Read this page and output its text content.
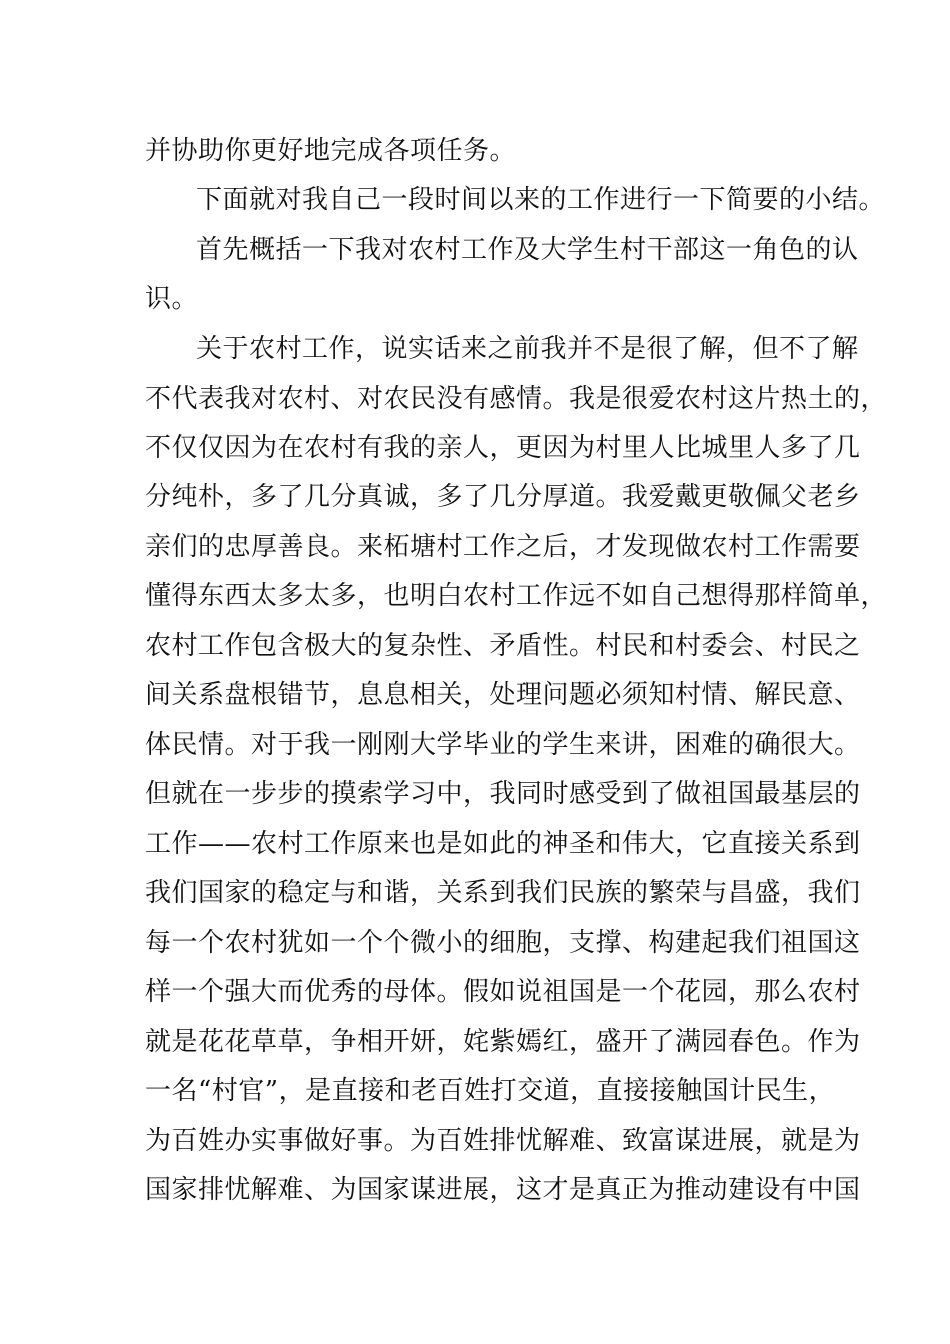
并协助你更好地完成各项任务。
下面就对我自己一段时间以来的工作进行一下简要的小结。
首先概括一下我对农村工作及大学生村干部这一角色的认
识。
关于农村工作，说实话来之前我并不是很了解，但不了解
不代表我对农村、对农民没有感情。我是很爱农村这片热土的，
不仅仅因为在农村有我的亲人，更因为村里人比城里人多了几
分纯朴，多了几分真诚，多了几分厚道。我爱戴更敬佩父老乡
亲们的忠厚善良。来柘塘村工作之后，才发现做农村工作需要
懂得东西太多太多，也明白农村工作远不如自己想得那样简单，
农村工作包含极大的复杂性、矛盾性。村民和村委会、村民之
间关系盘根错节，息息相关，处理问题必须知村情、解民意、
体民情。对于我一刚刚大学毕业的学生来讲，困难的确很大。
但就在一步步的摸索学习中，我同时感受到了做祖国最基层的
工作——农村工作原来也是如此的神圣和伟大，它直接关系到
我们国家的稳定与和谐，关系到我们民族的繁荣与昌盛，我们
每一个农村犹如一个个微小的细胞，支撑、构建起我们祖国这
样一个强大而优秀的母体。假如说祖国是一个花园，那么农村
就是花花草草，争相开妍，姹紫嫣红，盛开了满园春色。作为
一名“村官”，是直接和老百姓打交道，直接接触国计民生，
为百姓办实事做好事。为百姓排忧解难、致富谋进展，就是为
国家排忧解难、为国家谋进展，这才是真正为推动建设有中国
